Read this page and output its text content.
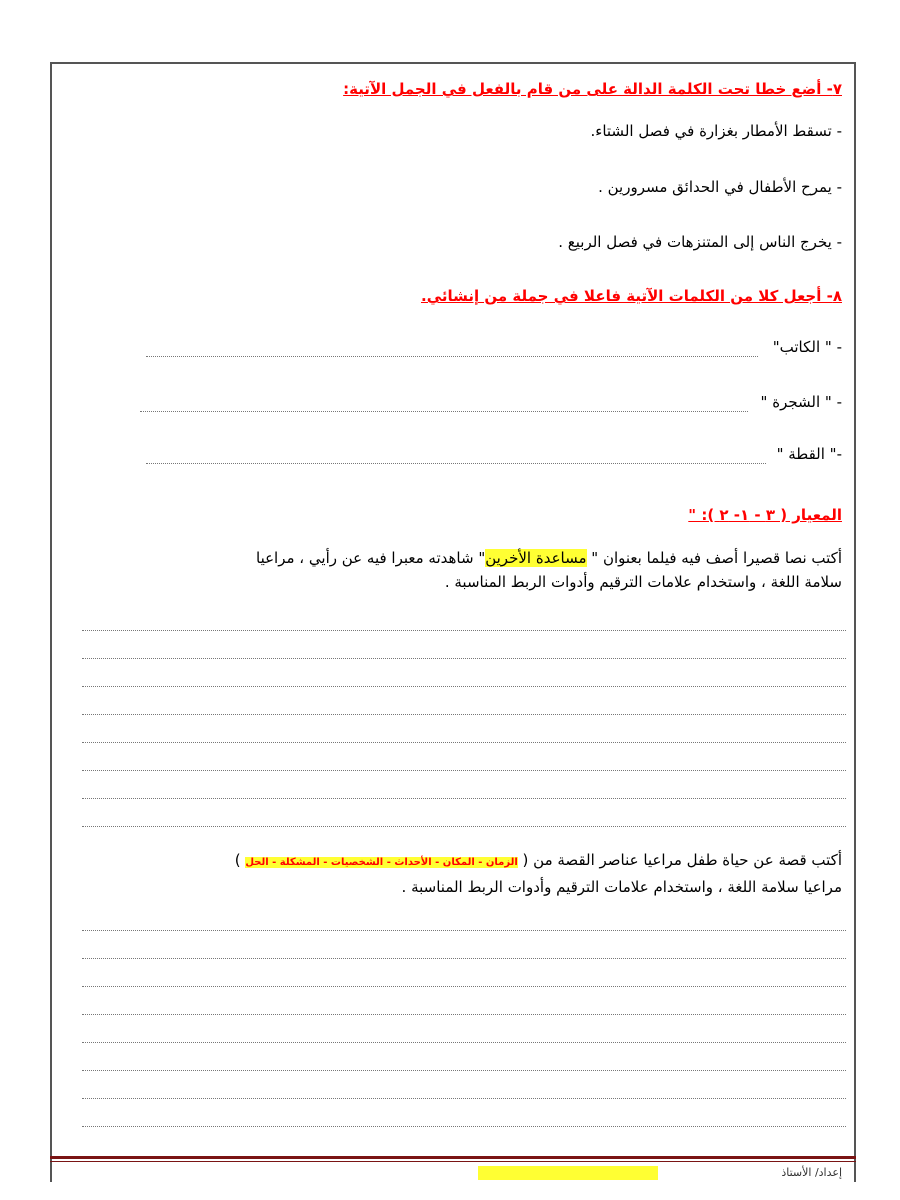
٧- أضع خطا تحت الكلمة الدالة على من قام بالفعل في الجمل الآتية:
- تسقط الأمطار بغزارة في فصل الشتاء.
- يمرح الأطفال في الحدائق مسرورين .
- يخرج الناس إلى المتنزهات في فصل الربيع .
٨- أجعل كلا من الكلمات الآتية فاعلا في جملة من إنشائي.
- " الكاتب"
- " الشجرة "
-" القطة "
المعيار ( ٣ - ١- ٢ ): "
أكتب نصا قصيرا أصف فيه فيلما بعنوان " مساعدة الأخرين" شاهدته معبرا فيه عن رأيي ، مراعيا
سلامة اللغة ، واستخدام علامات الترقيم وأدوات الربط المناسبة .
أكتب قصة عن حياة طفل مراعيا عناصر القصة من ( الزمان - المكان - الأحداث - الشخصيات - المشكلة - الحل )
مراعيا سلامة اللغة ، واستخدام علامات الترقيم وأدوات الربط المناسبة .
إعداد/ الأستاذ
